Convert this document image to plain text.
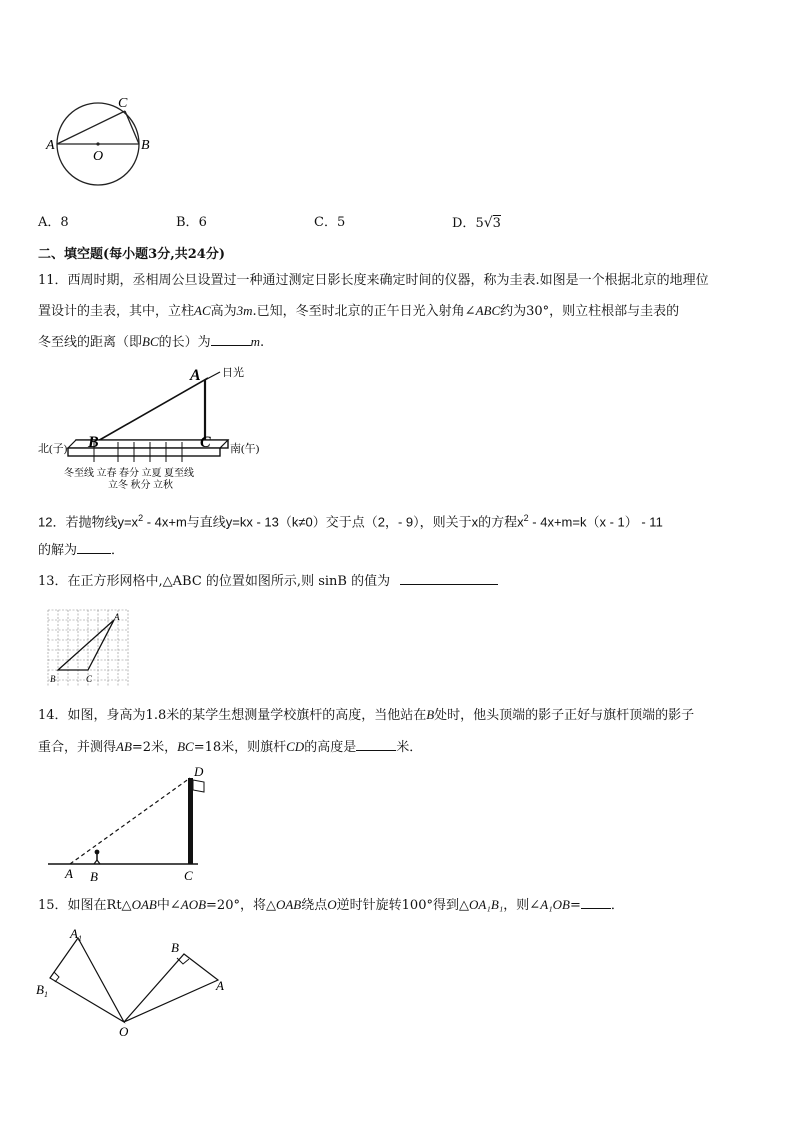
A	B
C
O
A．8	B．6	C．5	D．5√3
二、填空题(每小题3分,共24分)
11．西周时期，丞相周公旦设置过一种通过测定日影长度来确定时间的仪器，称为圭表.如图是一个根据北京的地理位
置设计的圭表，其中，立柱AC高为3m.已知，冬至时北京的正午日光入射角∠ABC约为30°，则立柱根部与圭表的
冬至线的距离（即BC的长）为	m.
A 日光
B	C
北(子)	南(午)
冬至线 立春 春分 立夏 夏至线
立冬 秋分 立秋
12．若抛物线$y=x^2 - 4x+m$与直线y=kx - 13（k≠0）交于点（2，- 9），则关于x的方程$x^2 - 4x+m=k(x - 1) - 11$
的解为	．
13．在正方形网格中,△ABC 的位置如图所示,则 sinB 的值为
A
B	C
14．如图，身高为1.8米的某学生想测量学校旗杆的高度，当他站在B处时，他头顶端的影子正好与旗杆顶端的影子
重合，并测得AB=2米，BC=18米，则旗杆CD的高度是	米．
A B	C
D
15．如图在Rt△OAB中∠AOB=20°，将△OAB绕点O逆时针旋转100°得到△OA₁B₁，则∠A₁OB= ．
$A_1$
$B_1$
B
A
O
